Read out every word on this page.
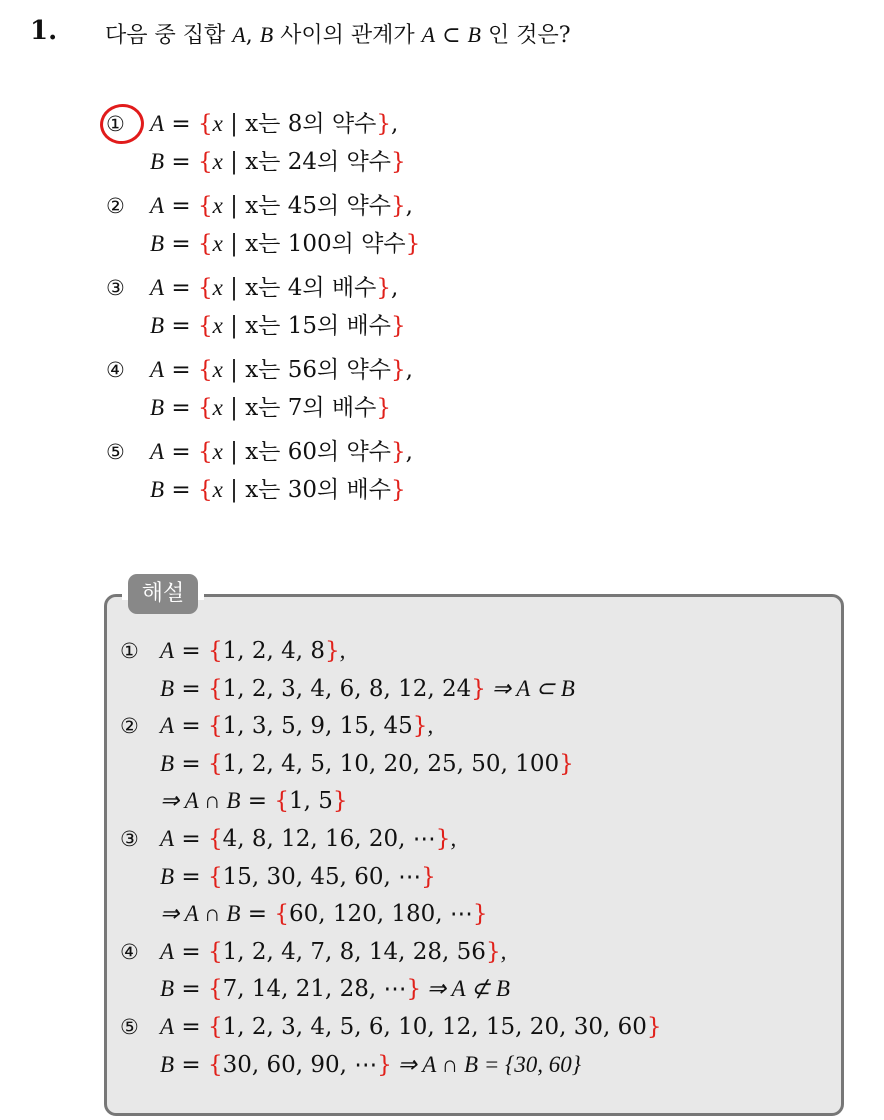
1. 다음 중 집합 A, B 사이의 관계가 A ⊂ B 인 것은?
① A = {x | x는 8의 약수},
B = {x | x는 24의 약수}
② A = {x | x는 45의 약수},
B = {x | x는 100의 약수}
③ A = {x | x는 4의 배수},
B = {x | x는 15의 배수}
④ A = {x | x는 56의 약수},
B = {x | x는 7의 배수}
⑤ A = {x | x는 60의 약수},
B = {x | x는 30의 배수}
해설
① A = {1, 2, 4, 8},
B = {1, 2, 3, 4, 6, 8, 12, 24} ⇒ A ⊂ B
② A = {1, 3, 5, 9, 15, 45},
B = {1, 2, 4, 5, 10, 20, 25, 50, 100}
⇒ A ∩ B = {1, 5}
③ A = {4, 8, 12, 16, 20, ⋯},
B = {15, 30, 45, 60, ⋯}
⇒ A ∩ B = {60, 120, 180, ⋯}
④ A = {1, 2, 4, 7, 8, 14, 28, 56},
B = {7, 14, 21, 28, ⋯} ⇒ A ⊄ B
⑤ A = {1, 2, 3, 4, 5, 6, 10, 12, 15, 20, 30, 60}
B = {30, 60, 90, ⋯} ⇒ A ∩ B = {30, 60}
